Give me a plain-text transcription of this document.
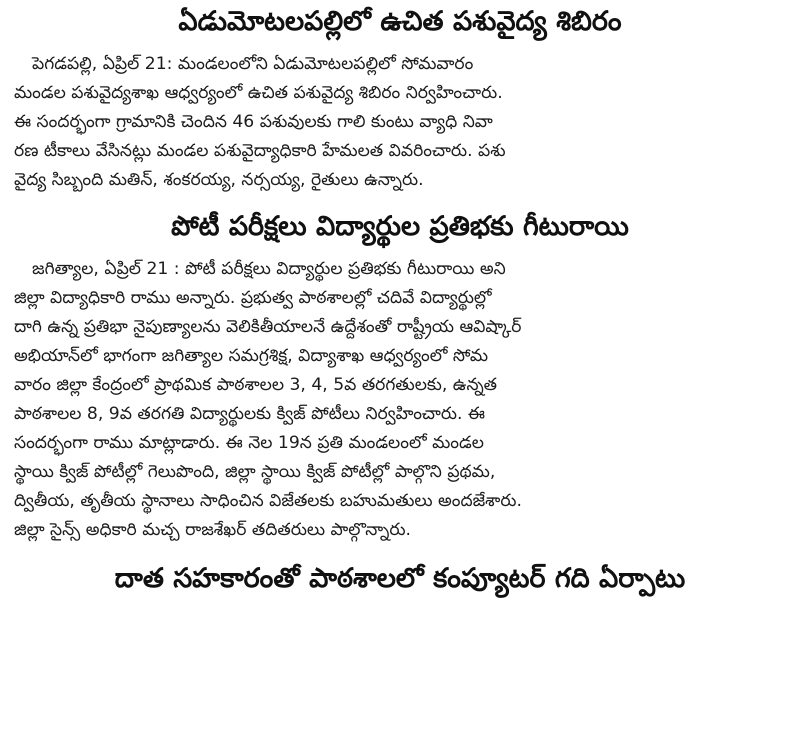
ఏడుమోటలపల్లిలో ఉచిత పశువైద్య శిబిరం

పెగడపల్లి, ఏప్రిల్ 21: మండలంలోని ఏడుమోటలపల్లిలో సోమవారం
మండల పశువైద్యశాఖ ఆధ్వర్యంలో ఉచిత పశువైద్య శిబిరం నిర్వహించారు.
ఈ సందర్భంగా గ్రామానికి చెందిన 46 పశువులకు గాలి కుంటు వ్యాధి నివా
రణ టీకాలు వేసినట్లు మండల పశువైద్యాధికారి హేమలత వివరించారు. పశు
వైద్య సిబ్బంది మతిన్, శంకరయ్య, నర్సయ్య, రైతులు ఉన్నారు.

పోటీ పరీక్షలు విద్యార్థుల ప్రతిభకు గీటురాయి

జగిత్యాల, ఏప్రిల్ 21 : పోటీ పరీక్షలు విద్యార్థుల ప్రతిభకు గీటురాయి అని
జిల్లా విద్యాధికారి రాము అన్నారు. ప్రభుత్వ పాఠశాలల్లో చదివే విద్యార్థుల్లో
దాగి ఉన్న ప్రతిభా నైపుణ్యాలను వెలికితీయాలనే ఉద్దేశంతో రాష్ట్రీయ ఆవిష్కార్
అభియాన్‌లో భాగంగా జగిత్యాల సమగ్రశిక్ష, విద్యాశాఖ ఆధ్వర్యంలో సోమ
వారం జిల్లా కేంద్రంలో ప్రాథమిక పాఠశాలల 3, 4, 5వ తరగతులకు, ఉన్నత
పాఠశాలల 8, 9వ తరగతి విద్యార్థులకు క్విజ్ పోటీలు నిర్వహించారు. ఈ
సందర్భంగా రాము మాట్లాడారు. ఈ నెల 19న ప్రతి మండలంలో మండల
స్థాయి క్విజ్ పోటీల్లో గెలుపొంది, జిల్లా స్థాయి క్విజ్ పోటీల్లో పాల్గొని ప్రథమ,
ద్వితీయ, తృతీయ స్థానాలు సాధించిన విజేతలకు బహుమతులు అందజేశారు.
జిల్లా సైన్స్ అధికారి మచ్చ రాజశేఖర్ తదితరులు పాల్గొన్నారు.

దాత సహకారంతో పాఠశాలలో కంప్యూటర్ గది ఏర్పాటు
